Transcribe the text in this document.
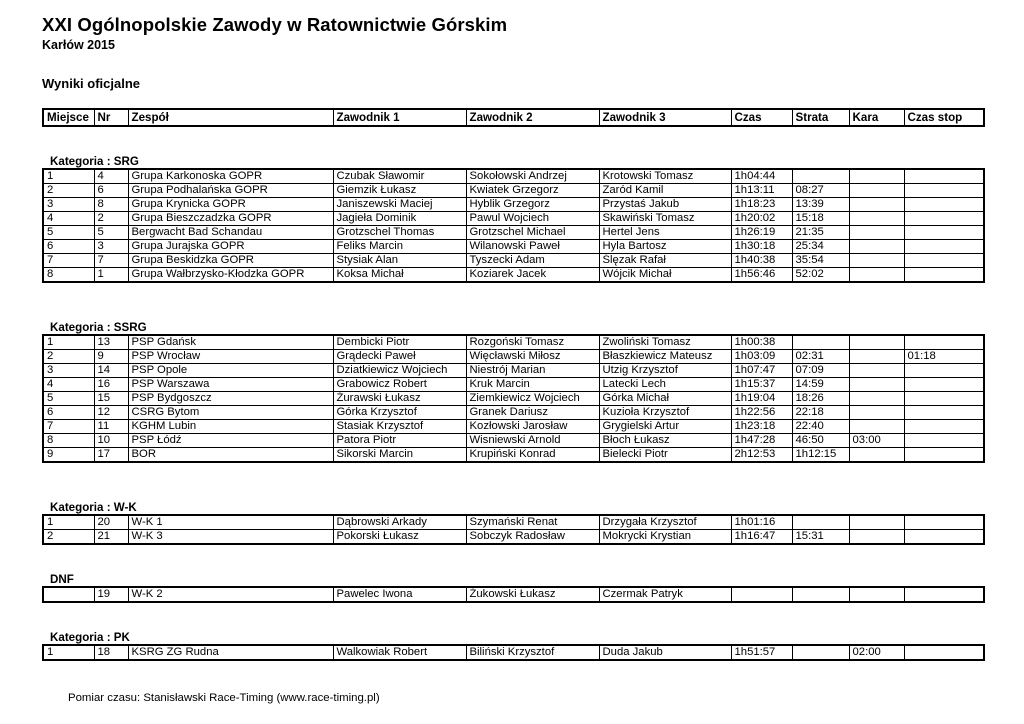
XXI Ogólnopolskie Zawody w Ratownictwie Górskim
Karłów 2015
Wyniki oficjalne
Miejsce	Nr	Zespół	Zawodnik 1	Zawodnik 2	Zawodnik 3	Czas	Strata	Kara	Czas stop
Pomiar czasu: Stanisławski Race-Timing (www.race-timing.pl)
Kategoria : SRG
1	4	Grupa Karkonoska GOPR	Czubak Sławomir	Sokołowski Andrzej	Krotowski Tomasz	1h04:44			
2	6	Grupa Podhalańska GOPR	Giemzik Łukasz	Kwiatek Grzegorz	Zaród Kamil	1h13:11	08:27		
3	8	Grupa Krynicka GOPR	Janiszewski Maciej	Hyblik Grzegorz	Przystaś Jakub	1h18:23	13:39		
4	2	Grupa Bieszczadzka GOPR	Jagieła Dominik	Pawul Wojciech	Skawiński Tomasz	1h20:02	15:18		
5	5	Bergwacht Bad Schandau	Grotzschel Thomas	Grotzschel Michael	Hertel Jens	1h26:19	21:35		
6	3	Grupa Jurajska GOPR	Feliks Marcin	Wilanowski Paweł	Hyla Bartosz	1h30:18	25:34		
7	7	Grupa Beskidzka GOPR	Stysiak Alan	Tyszecki Adam	Ślęzak Rafał	1h40:38	35:54		
8	1	Grupa Wałbrzysko-Kłodzka GOPR	Koksa Michał	Koziarek Jacek	Wójcik Michał	1h56:46	52:02		
Kategoria : SSRG
1	13	PSP Gdańsk	Dembicki Piotr	Rozgoński Tomasz	Zwoliński Tomasz	1h00:38			
2	9	PSP Wrocław	Grądecki Paweł	Więcławski Miłosz	Błaszkiewicz Mateusz	1h03:09	02:31		01:18
3	14	PSP Opole	Dziatkiewicz Wojciech	Niestrój Marian	Utzig Krzysztof	1h07:47	07:09		
4	16	PSP Warszawa	Grabowicz Robert	Kruk Marcin	Latecki Lech	1h15:37	14:59		
5	15	PSP Bydgoszcz	Żurawski Łukasz	Ziemkiewicz Wojciech	Górka Michał	1h19:04	18:26		
6	12	CSRG Bytom	Górka Krzysztof	Granek Dariusz	Kuzioła Krzysztof	1h22:56	22:18		
7	11	KGHM Lubin	Stasiak Krzysztof	Kozłowski Jarosław	Grygielski Artur	1h23:18	22:40		
8	10	PSP Łódź	Patora Piotr	Wisniewski Arnold	Błoch Łukasz	1h47:28	46:50	03:00	
9	17	BOR	Sikorski Marcin	Krupiński Konrad	Bielecki Piotr	2h12:53	1h12:15		
Kategoria : W-K
1	20	W-K 1	Dąbrowski Arkady	Szymański Renat	Drzygała Krzysztof	1h01:16			
2	21	W-K 3	Pokorski Łukasz	Sobczyk Radosław	Mokrycki Krystian	1h16:47	15:31		
DNF
	19	W-K 2	Pawelec Iwona	Żukowski Łukasz	Czermak Patryk				
Kategoria : PK
1	18	KSRG ZG Rudna	Walkowiak Robert	Biliński Krzysztof	Duda Jakub	1h51:57		02:00	
